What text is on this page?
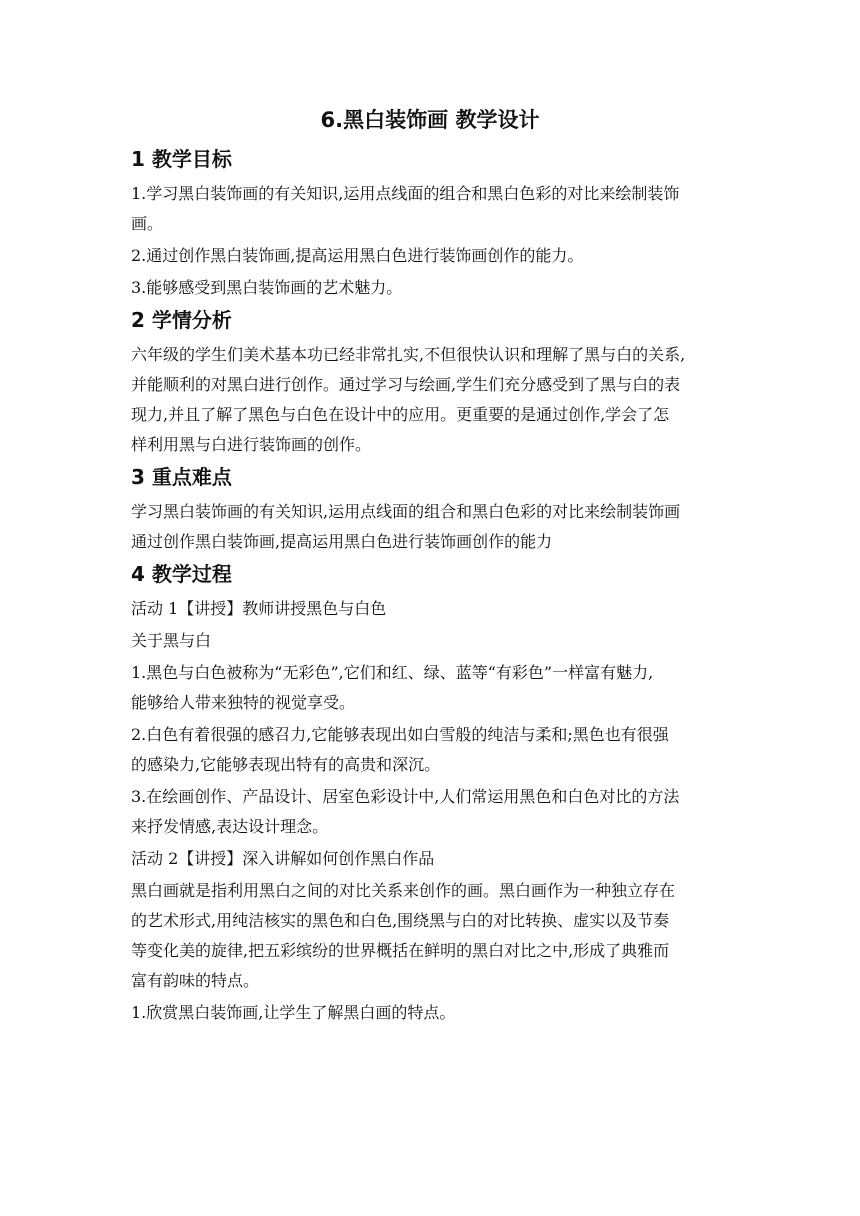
6.黑白装饰画 教学设计
1 教学目标
1.学习黑白装饰画的有关知识,运用点线面的组合和黑白色彩的对比来绘制装饰
画。
2.通过创作黑白装饰画,提高运用黑白色进行装饰画创作的能力。
3.能够感受到黑白装饰画的艺术魅力。
2 学情分析
六年级的学生们美术基本功已经非常扎实,不但很快认识和理解了黑与白的关系,
并能顺利的对黑白进行创作。通过学习与绘画,学生们充分感受到了黑与白的表
现力,并且了解了黑色与白色在设计中的应用。更重要的是通过创作,学会了怎
样利用黑与白进行装饰画的创作。
3 重点难点
学习黑白装饰画的有关知识,运用点线面的组合和黑白色彩的对比来绘制装饰画
通过创作黑白装饰画,提高运用黑白色进行装饰画创作的能力
4 教学过程
活动 1【讲授】教师讲授黑色与白色
关于黑与白
1.黑色与白色被称为“无彩色”,它们和红、绿、蓝等“有彩色”一样富有魅力,
能够给人带来独特的视觉享受。
2.白色有着很强的感召力,它能够表现出如白雪般的纯洁与柔和;黑色也有很强
的感染力,它能够表现出特有的高贵和深沉。
3.在绘画创作、产品设计、居室色彩设计中,人们常运用黑色和白色对比的方法
来抒发情感,表达设计理念。
活动 2【讲授】深入讲解如何创作黑白作品
黑白画就是指利用黑白之间的对比关系来创作的画。黑白画作为一种独立存在
的艺术形式,用纯洁核实的黑色和白色,围绕黑与白的对比转换、虚实以及节奏
等变化美的旋律,把五彩缤纷的世界概括在鲜明的黑白对比之中,形成了典雅而
富有韵味的特点。
1.欣赏黑白装饰画,让学生了解黑白画的特点。
